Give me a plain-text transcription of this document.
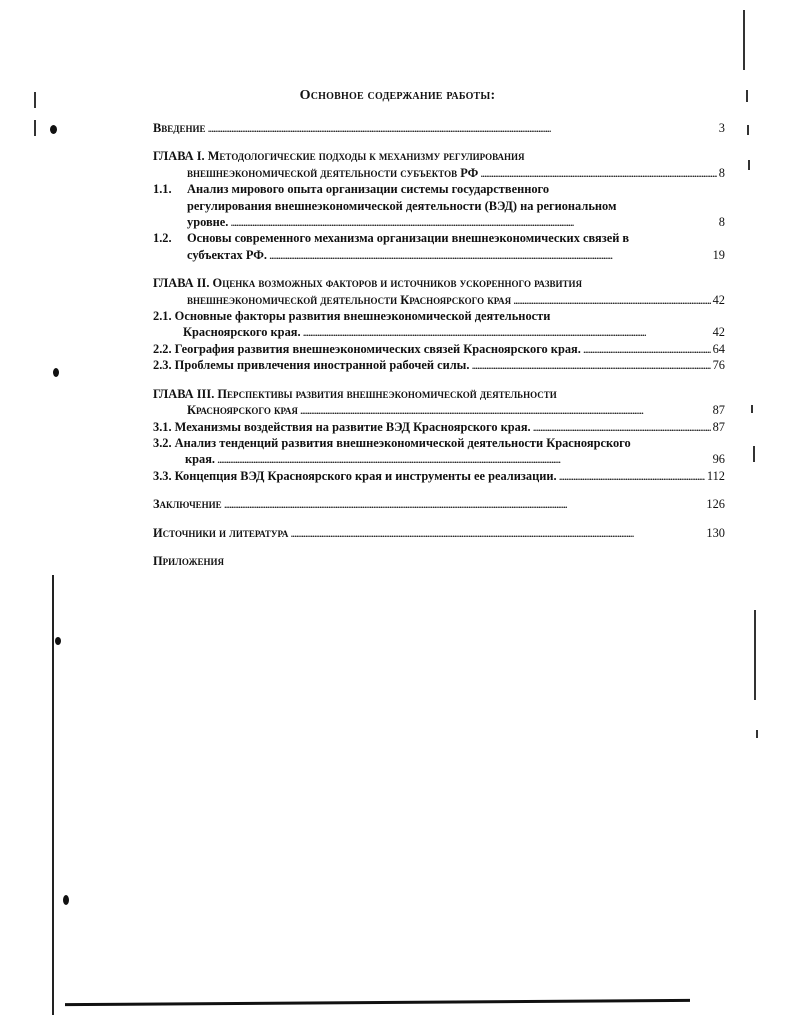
Основное содержание работы:
Введение . . .	3
ГЛАВА I. Методологические подходы к механизму регулирования
внешнеэкономической деятельности субъектов РФ . . .	8
1.1.	Анализ мирового опыта организации системы государственного
регулирования внешнеэкономической деятельности (ВЭД) на региональном
уровне. . . .	8
1.2.	Основы современного механизма организации внешнеэкономических связей в
субъектах РФ. . . .	19
ГЛАВА II. Оценка возможных факторов и источников ускоренного развития
внешнеэкономической деятельности Красноярского края . . .	42
2.1. Основные факторы развития внешнеэкономической деятельности
Красноярского края. . . .	42
2.2. География развития внешнеэкономических связей Красноярского края. . . .	64
2.3. Проблемы привлечения иностранной рабочей силы. . . .	76
ГЛАВА III. Перспективы развития внешнеэкономической деятельности
Красноярского края . . .	87
3.1. Механизмы воздействия на развитие ВЭД Красноярского края. . . .	87
3.2. Анализ тенденций развития внешнеэкономической деятельности Красноярского
края. . . .	96
3.3. Концепция ВЭД Красноярского края и инструменты ее реализации. . . .	112
Заключение . . .	126
Источники и литература . . .	130
Приложения
